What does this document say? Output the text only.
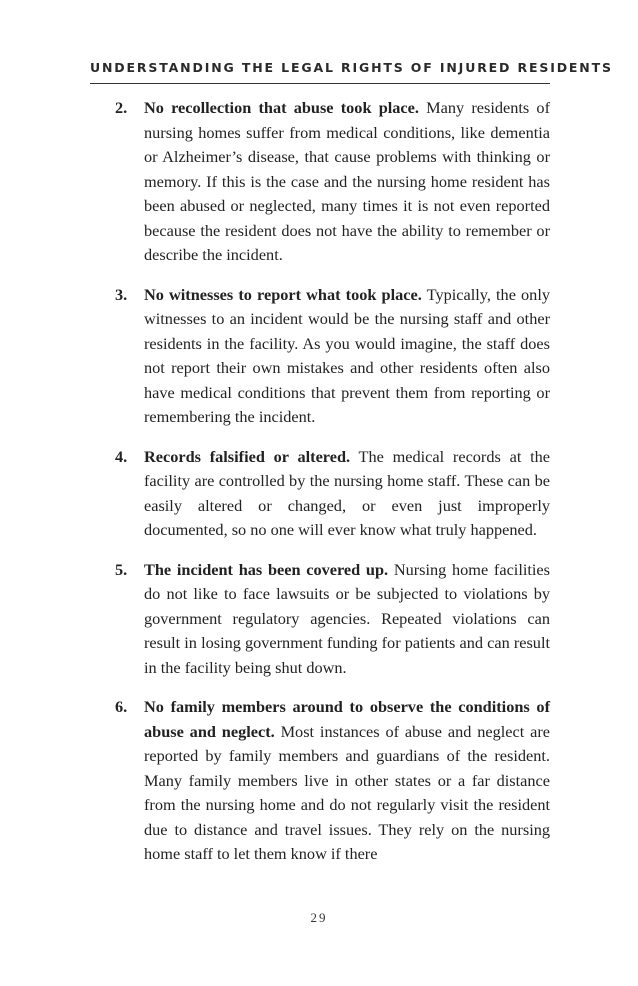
UNDERSTANDING THE LEGAL RIGHTS OF INJURED RESIDENTS
2. No recollection that abuse took place. Many residents of nursing homes suffer from medical conditions, like dementia or Alzheimer’s disease, that cause problems with thinking or memory. If this is the case and the nursing home resident has been abused or neglected, many times it is not even reported because the resident does not have the ability to remember or describe the incident.
3. No witnesses to report what took place. Typically, the only witnesses to an incident would be the nursing staff and other residents in the facility. As you would imagine, the staff does not report their own mistakes and other residents often also have medical conditions that prevent them from reporting or remembering the incident.
4. Records falsified or altered. The medical records at the facility are controlled by the nursing home staff. These can be easily altered or changed, or even just improperly documented, so no one will ever know what truly happened.
5. The incident has been covered up. Nursing home facilities do not like to face lawsuits or be subjected to violations by government regulatory agencies. Repeated violations can result in losing government funding for patients and can result in the facility being shut down.
6. No family members around to observe the conditions of abuse and neglect. Most instances of abuse and neglect are reported by family members and guardians of the resident. Many family members live in other states or a far distance from the nursing home and do not regularly visit the resident due to distance and travel issues. They rely on the nursing home staff to let them know if there
29
